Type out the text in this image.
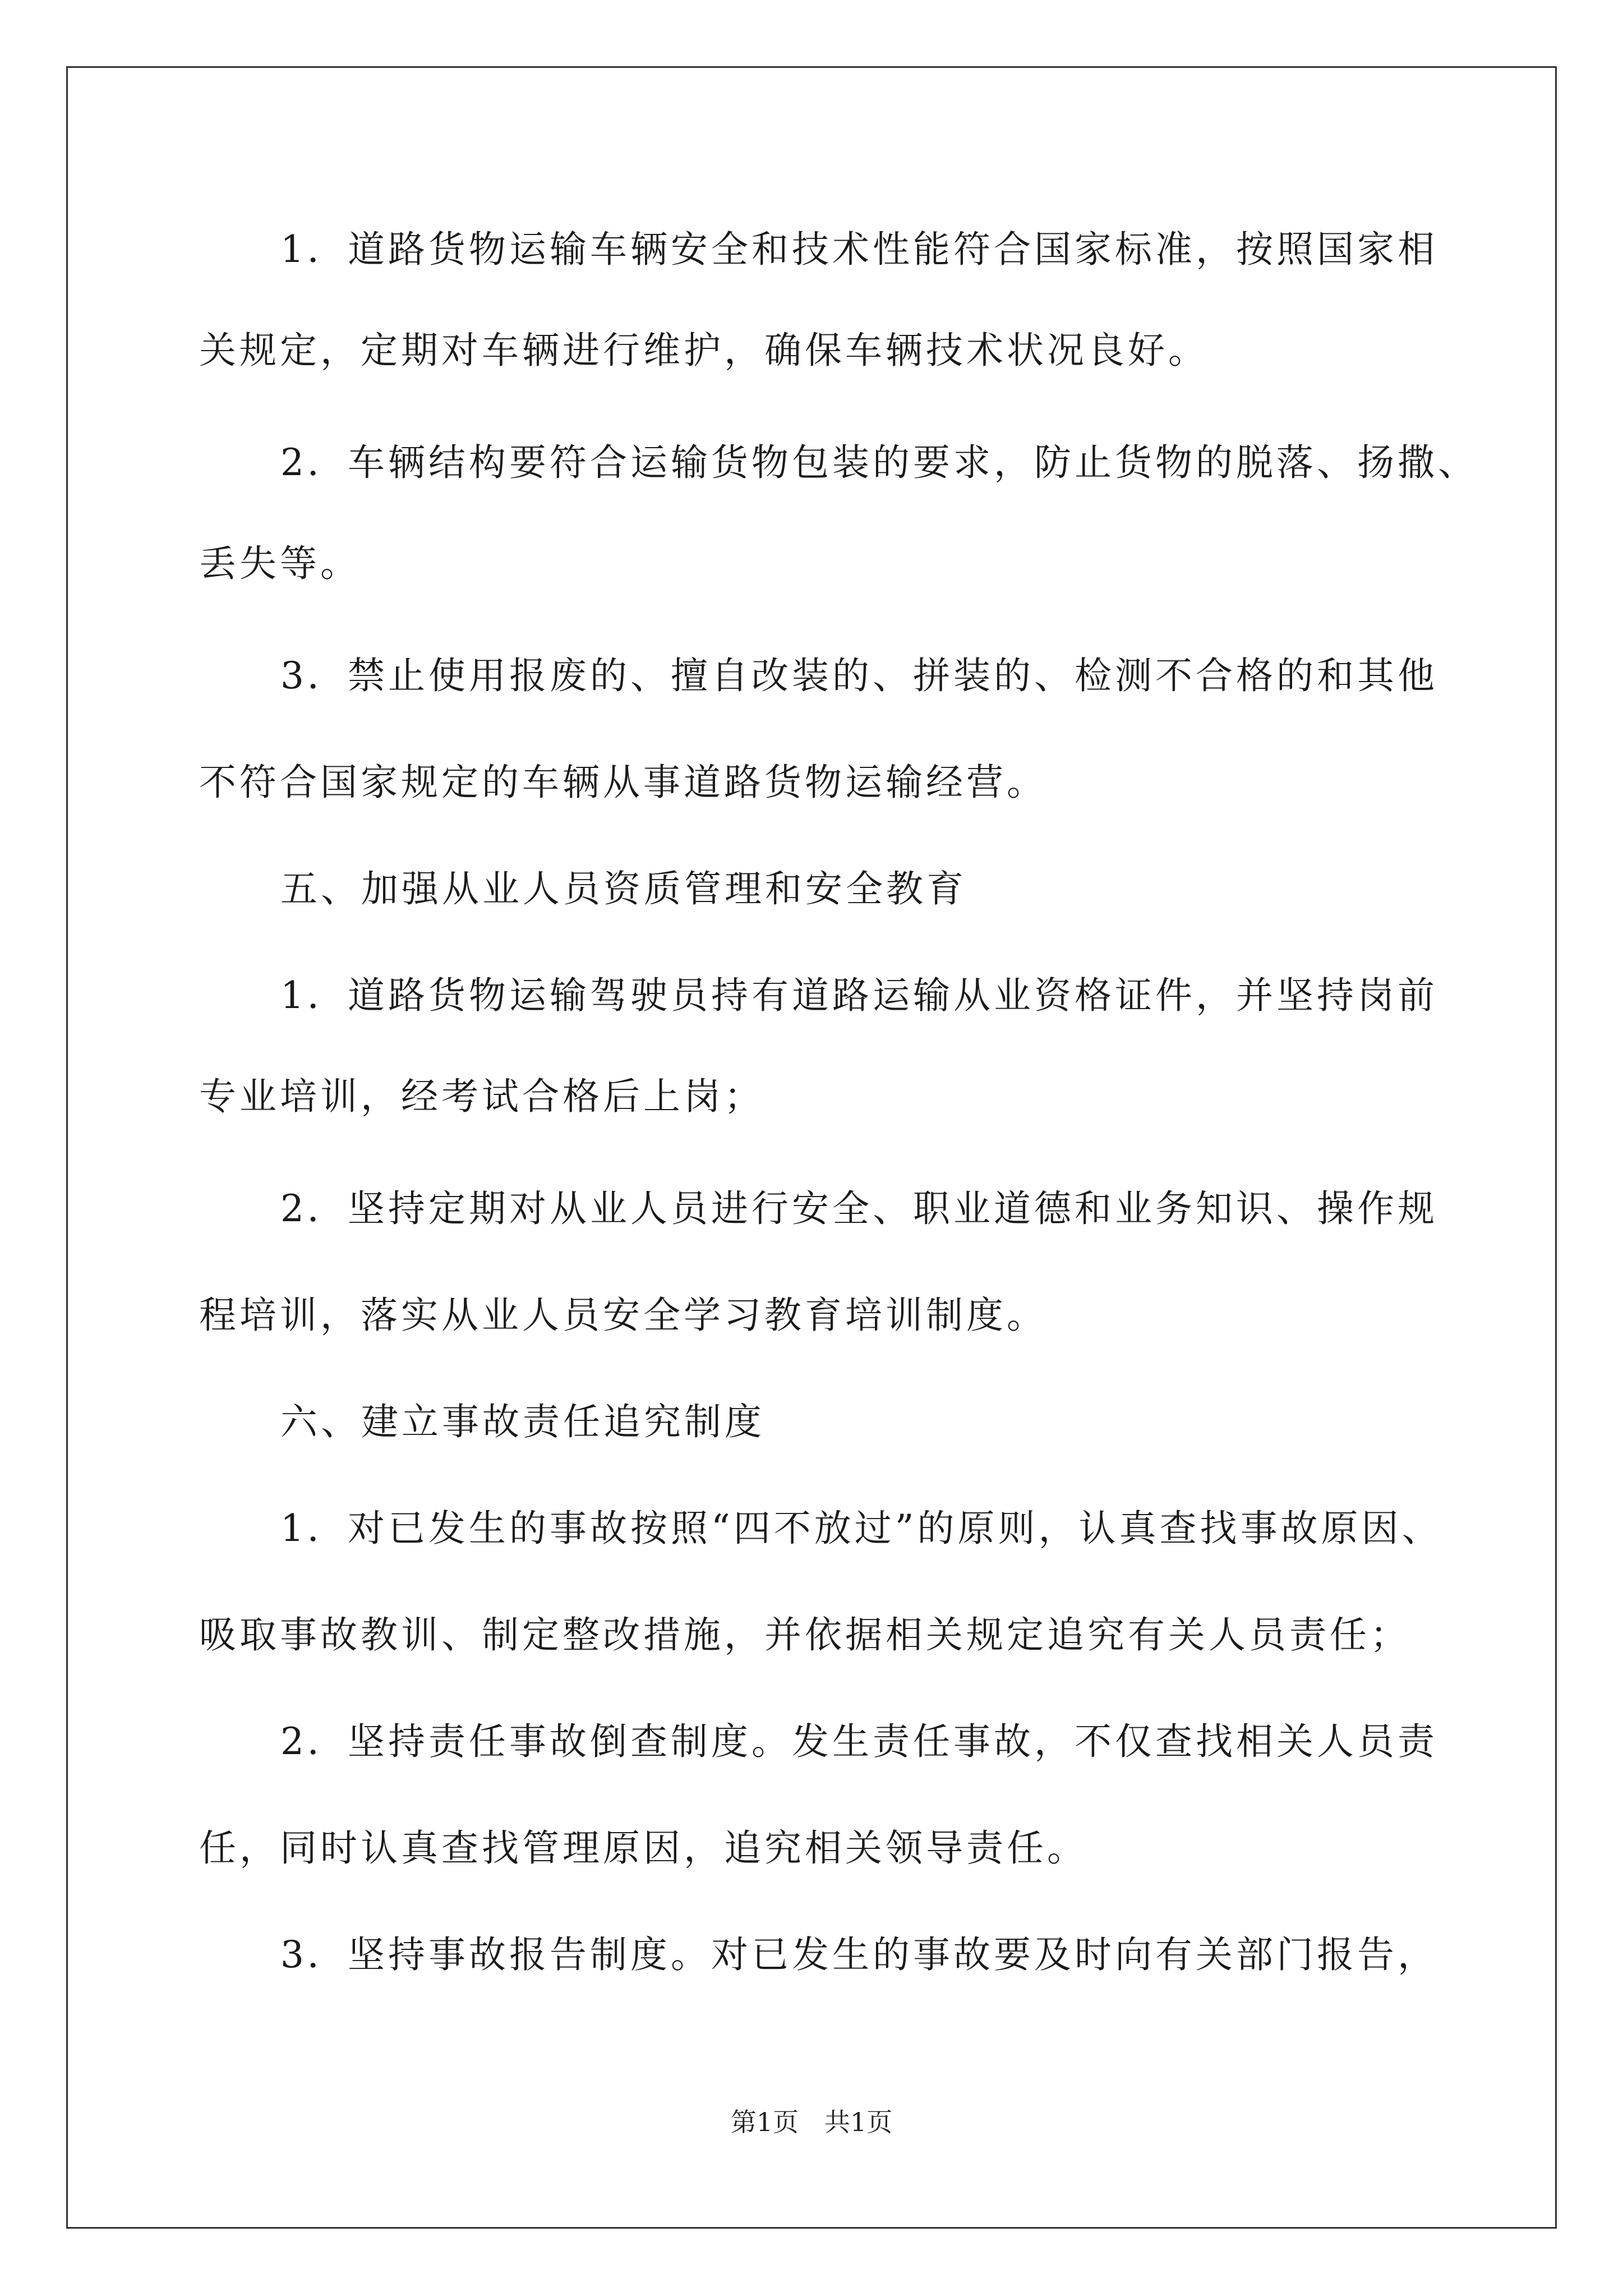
1．道路货物运输车辆安全和技术性能符合国家标准，按照国家相
关规定，定期对车辆进行维护，确保车辆技术状况良好。
2．车辆结构要符合运输货物包装的要求，防止货物的脱落、扬撒、
丢失等。
3．禁止使用报废的、擅自改装的、拼装的、检测不合格的和其他
不符合国家规定的车辆从事道路货物运输经营。
五、加强从业人员资质管理和安全教育
1．道路货物运输驾驶员持有道路运输从业资格证件，并坚持岗前
专业培训，经考试合格后上岗；
2．坚持定期对从业人员进行安全、职业道德和业务知识、操作规
程培训，落实从业人员安全学习教育培训制度。
六、建立事故责任追究制度
1．对已发生的事故按照“四不放过”的原则，认真查找事故原因、
吸取事故教训、制定整改措施，并依据相关规定追究有关人员责任；
2．坚持责任事故倒查制度。发生责任事故，不仅查找相关人员责
任，同时认真查找管理原因，追究相关领导责任。
3．坚持事故报告制度。对已发生的事故要及时向有关部门报告，
第1页　共1页
